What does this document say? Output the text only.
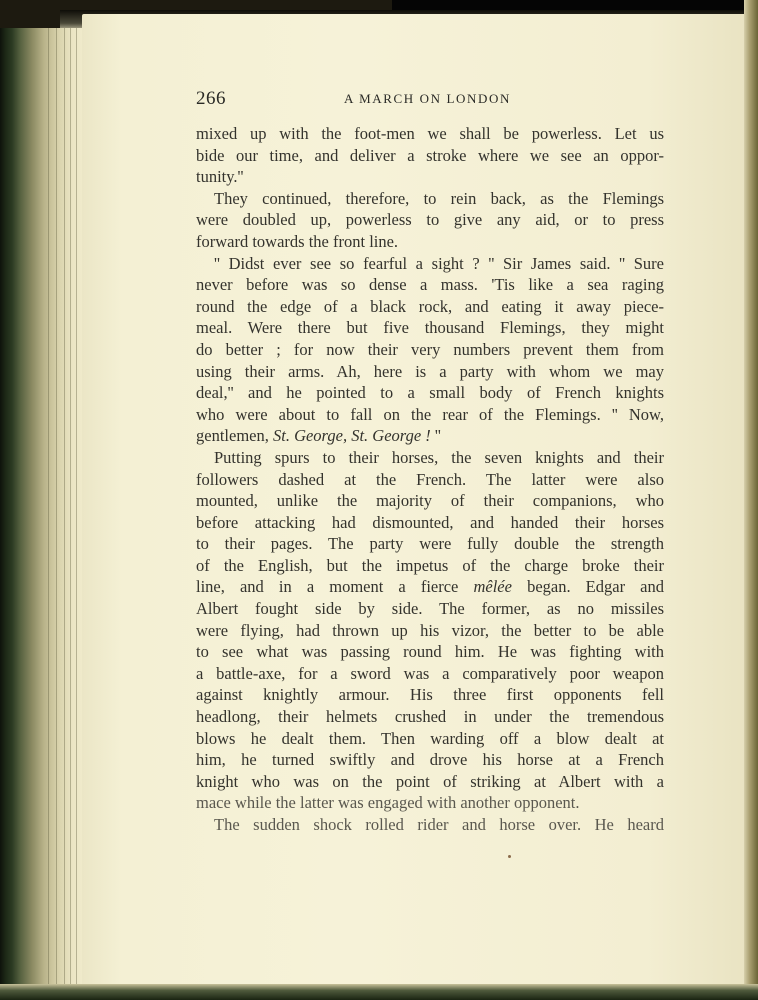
266	A MARCH ON LONDON
mixed up with the foot-men we shall be powerless. Let us
bide our time, and deliver a stroke where we see an oppor-
tunity.''
They continued, therefore, to rein back, as the Flemings
were doubled up, powerless to give any aid, or to press
forward towards the front line.
'' Didst ever see so fearful a sight ? '' Sir James said. '' Sure
never before was so dense a mass. 'Tis like a sea raging
round the edge of a black rock, and eating it away piece-
meal. Were there but five thousand Flemings, they might
do better ; for now their very numbers prevent them from
using their arms. Ah, here is a party with whom we may
deal,'' and he pointed to a small body of French knights
who were about to fall on the rear of the Flemings. '' Now,
gentlemen, St. George, St. George ! ''
Putting spurs to their horses, the seven knights and their
followers dashed at the French. The latter were also
mounted, unlike the majority of their companions, who
before attacking had dismounted, and handed their horses
to their pages. The party were fully double the strength
of the English, but the impetus of the charge broke their
line, and in a moment a fierce mêlée began. Edgar and
Albert fought side by side. The former, as no missiles
were flying, had thrown up his vizor, the better to be able
to see what was passing round him. He was fighting with
a battle-axe, for a sword was a comparatively poor weapon
against knightly armour. His three first opponents fell
headlong, their helmets crushed in under the tremendous
blows he dealt them. Then warding off a blow dealt at
him, he turned swiftly and drove his horse at a French
knight who was on the point of striking at Albert with a
mace while the latter was engaged with another opponent.
The sudden shock rolled rider and horse over. He heard
